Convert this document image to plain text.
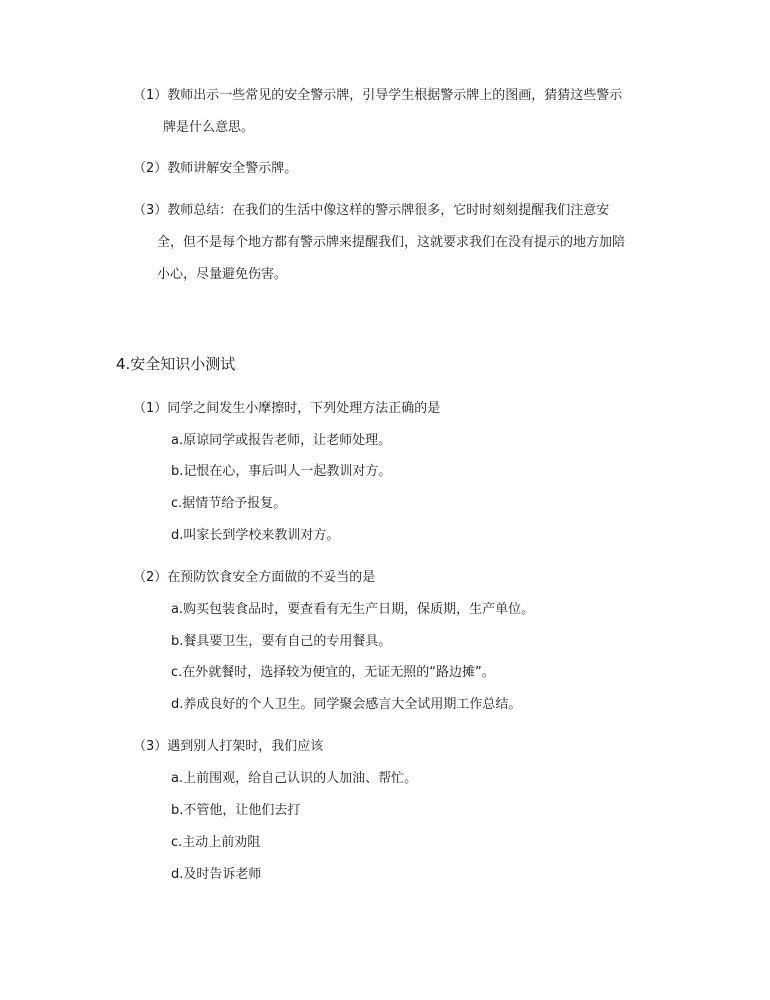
（1）教师出示一些常见的安全警示牌，引导学生根据警示牌上的图画，猜猜这些警示
牌是什么意思。
（2）教师讲解安全警示牌。
（3）教师总结：在我们的生活中像这样的警示牌很多，它时时刻刻提醒我们注意安
全，但不是每个地方都有警示牌来提醒我们，这就要求我们在没有提示的地方加陪
小心，尽量避免伤害。
4.安全知识小测试
（1）同学之间发生小摩擦时，下列处理方法正确的是
a.原谅同学或报告老师，让老师处理。
b.记恨在心，事后叫人一起教训对方。
c.据情节给予报复。
d.叫家长到学校来教训对方。
（2）在预防饮食安全方面做的不妥当的是
a.购买包装食品时，要查看有无生产日期，保质期，生产单位。
b.餐具要卫生，要有自己的专用餐具。
c.在外就餐时，选择较为便宜的，无证无照的“路边摊”。
d.养成良好的个人卫生。同学聚会感言大全试用期工作总结。
（3）遇到别人打架时，我们应该
a.上前围观，给自己认识的人加油、帮忙。
b.不管他，让他们去打
c.主动上前劝阻
d.及时告诉老师
